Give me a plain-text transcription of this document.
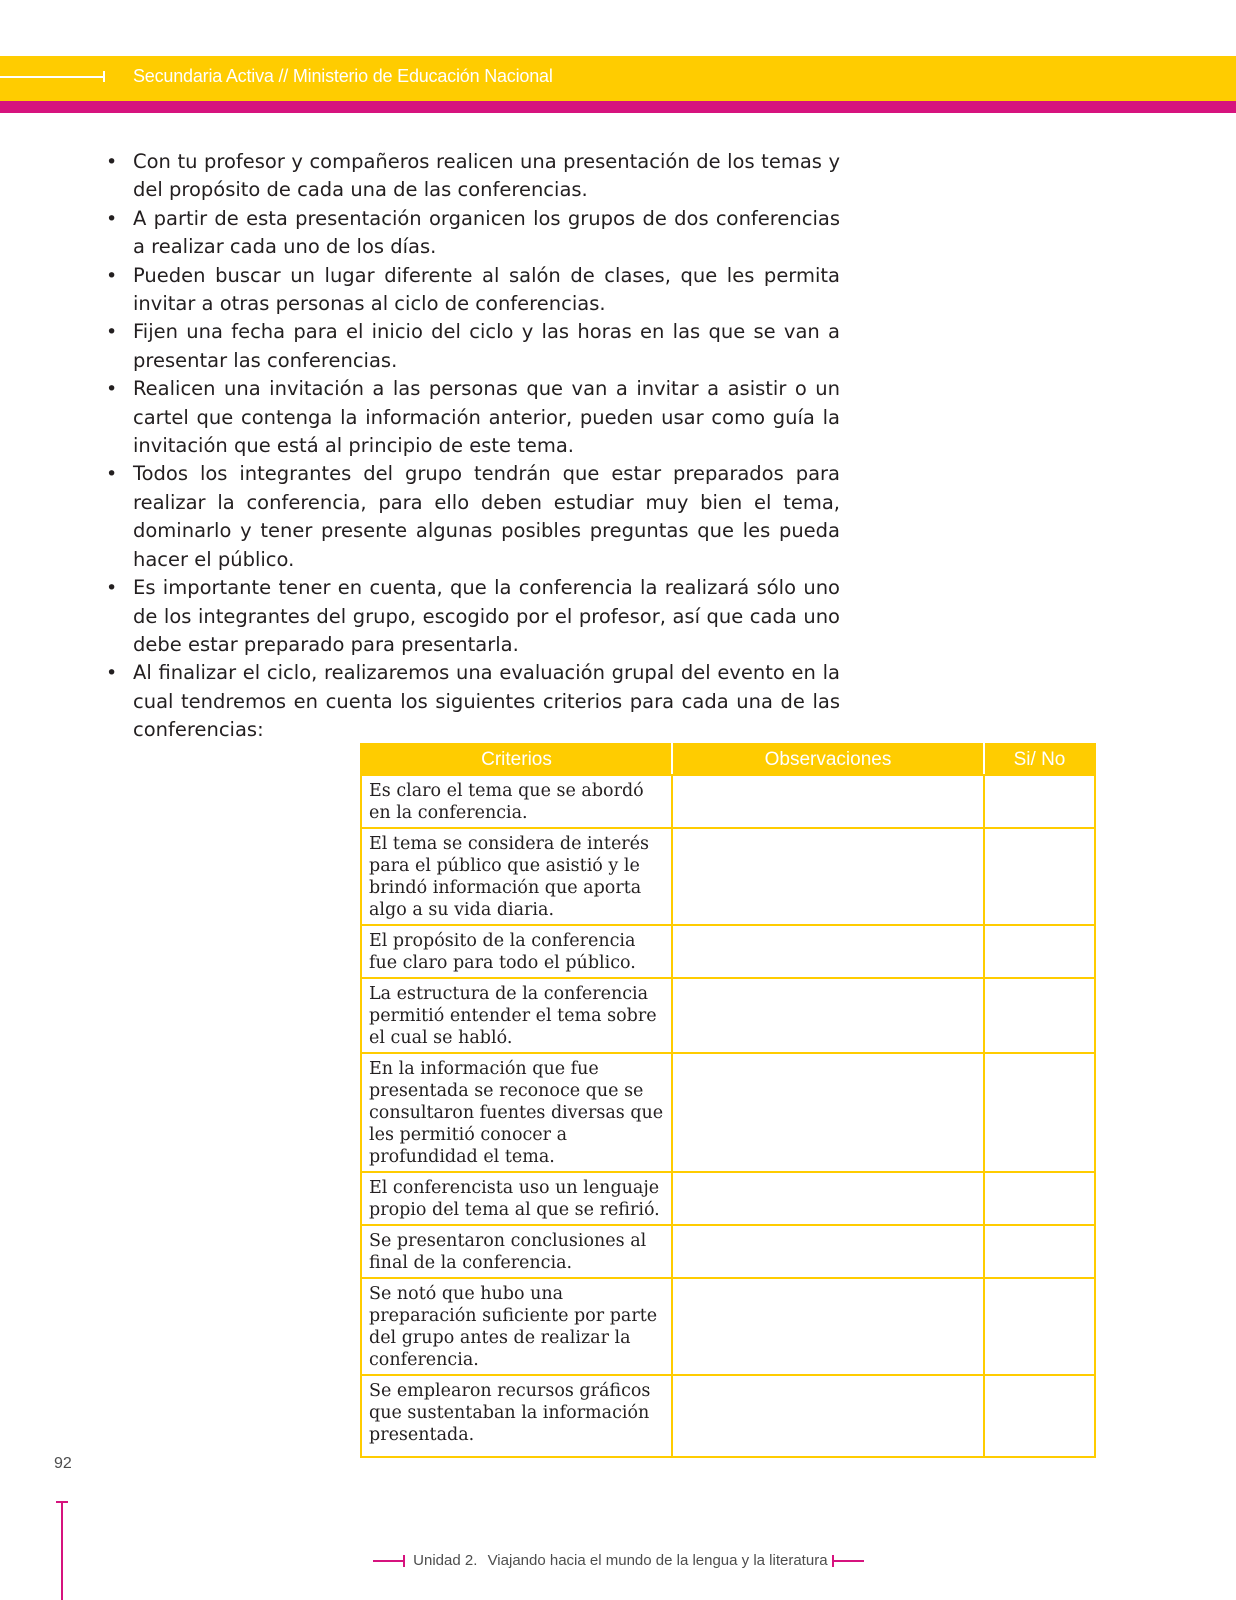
Secundaria Activa // Ministerio de Educación Nacional
• Con tu profesor y compañeros realicen una presentación de los temas y del propósito de cada una de las conferencias.
• A partir de esta presentación organicen los grupos de dos conferencias a realizar cada uno de los días.
• Pueden buscar un lugar diferente al salón de clases, que les permita invitar a otras personas al ciclo de conferencias.
• Fijen una fecha para el inicio del ciclo y las horas en las que se van a presentar las conferencias.
• Realicen una invitación a las personas que van a invitar a asistir o un cartel que contenga la información anterior, pueden usar como guía la invitación que está al principio de este tema.
• Todos los integrantes del grupo tendrán que estar preparados para realizar la conferencia, para ello deben estudiar muy bien el tema, dominarlo y tener presente algunas posibles preguntas que les pueda hacer el público.
• Es importante tener en cuenta, que la conferencia la realizará sólo uno de los integrantes del grupo, escogido por el profesor, así que cada uno debe estar preparado para presentarla.
• Al finalizar el ciclo, realizaremos una evaluación grupal del evento en la cual tendremos en cuenta los siguientes criterios para cada una de las conferencias:
Criterios	Observaciones	Si/ No
Es claro el tema que se abordó en la conferencia.		
El tema se considera de interés para el público que asistió y le brindó información que aporta algo a su vida diaria.		
El propósito de la conferencia fue claro para todo el público.		
La estructura de la conferencia permitió entender el tema sobre el cual se habló.		
En la información que fue presentada se reconoce que se consultaron fuentes diversas que les permitió conocer a profundidad el tema.		
El conferencista uso un lenguaje propio del tema al que se refirió.		
Se presentaron conclusiones al final de la conferencia.		
Se notó que hubo una preparación suficiente por parte del grupo antes de realizar la conferencia.		
Se emplearon recursos gráficos que sustentaban la información presentada.		
92
Unidad 2. Viajando hacia el mundo de la lengua y la literatura
